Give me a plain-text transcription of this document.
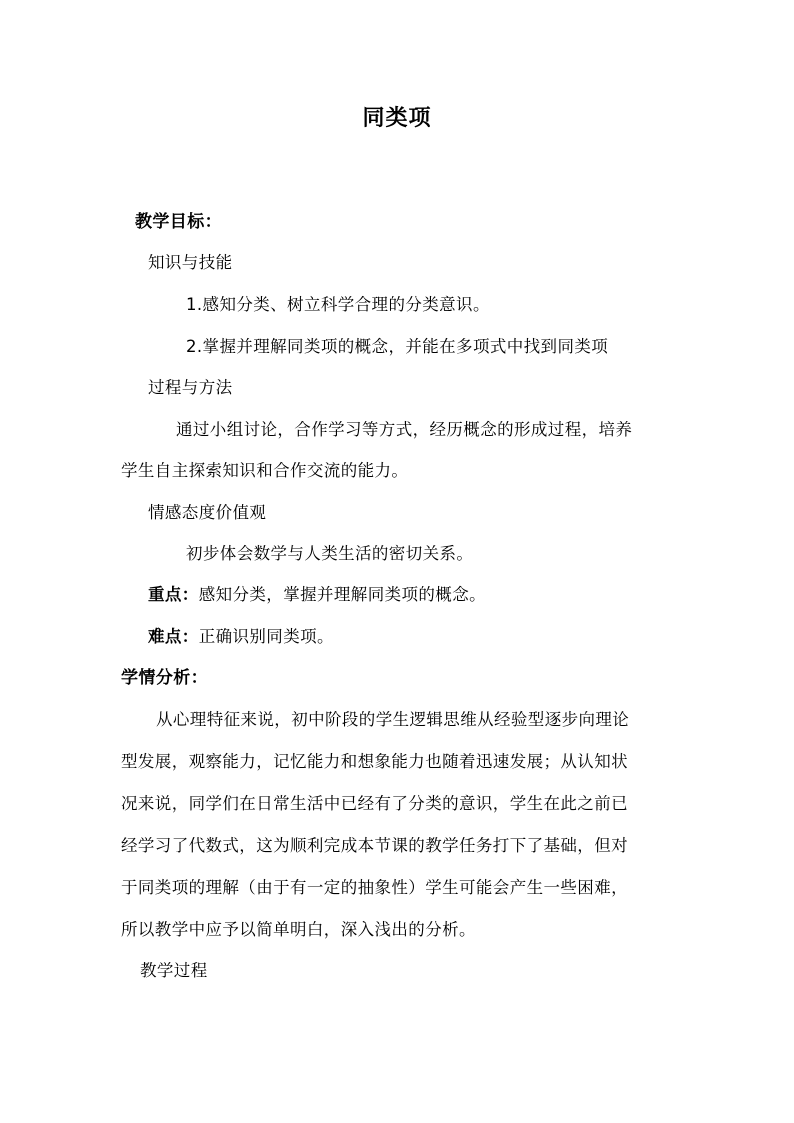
同类项
教学目标：
知识与技能
1.感知分类、树立科学合理的分类意识。
2.掌握并理解同类项的概念，并能在多项式中找到同类项
过程与方法
通过小组讨论，合作学习等方式，经历概念的形成过程，培养
学生自主探索知识和合作交流的能力。
情感态度价值观
初步体会数学与人类生活的密切关系。
重点：感知分类，掌握并理解同类项的概念。
难点：正确识别同类项。
学情分析：
从心理特征来说，初中阶段的学生逻辑思维从经验型逐步向理论
型发展，观察能力，记忆能力和想象能力也随着迅速发展；从认知状
况来说，同学们在日常生活中已经有了分类的意识，学生在此之前已
经学习了代数式，这为顺利完成本节课的教学任务打下了基础，但对
于同类项的理解（由于有一定的抽象性）学生可能会产生一些困难，
所以教学中应予以简单明白，深入浅出的分析。
教学过程
